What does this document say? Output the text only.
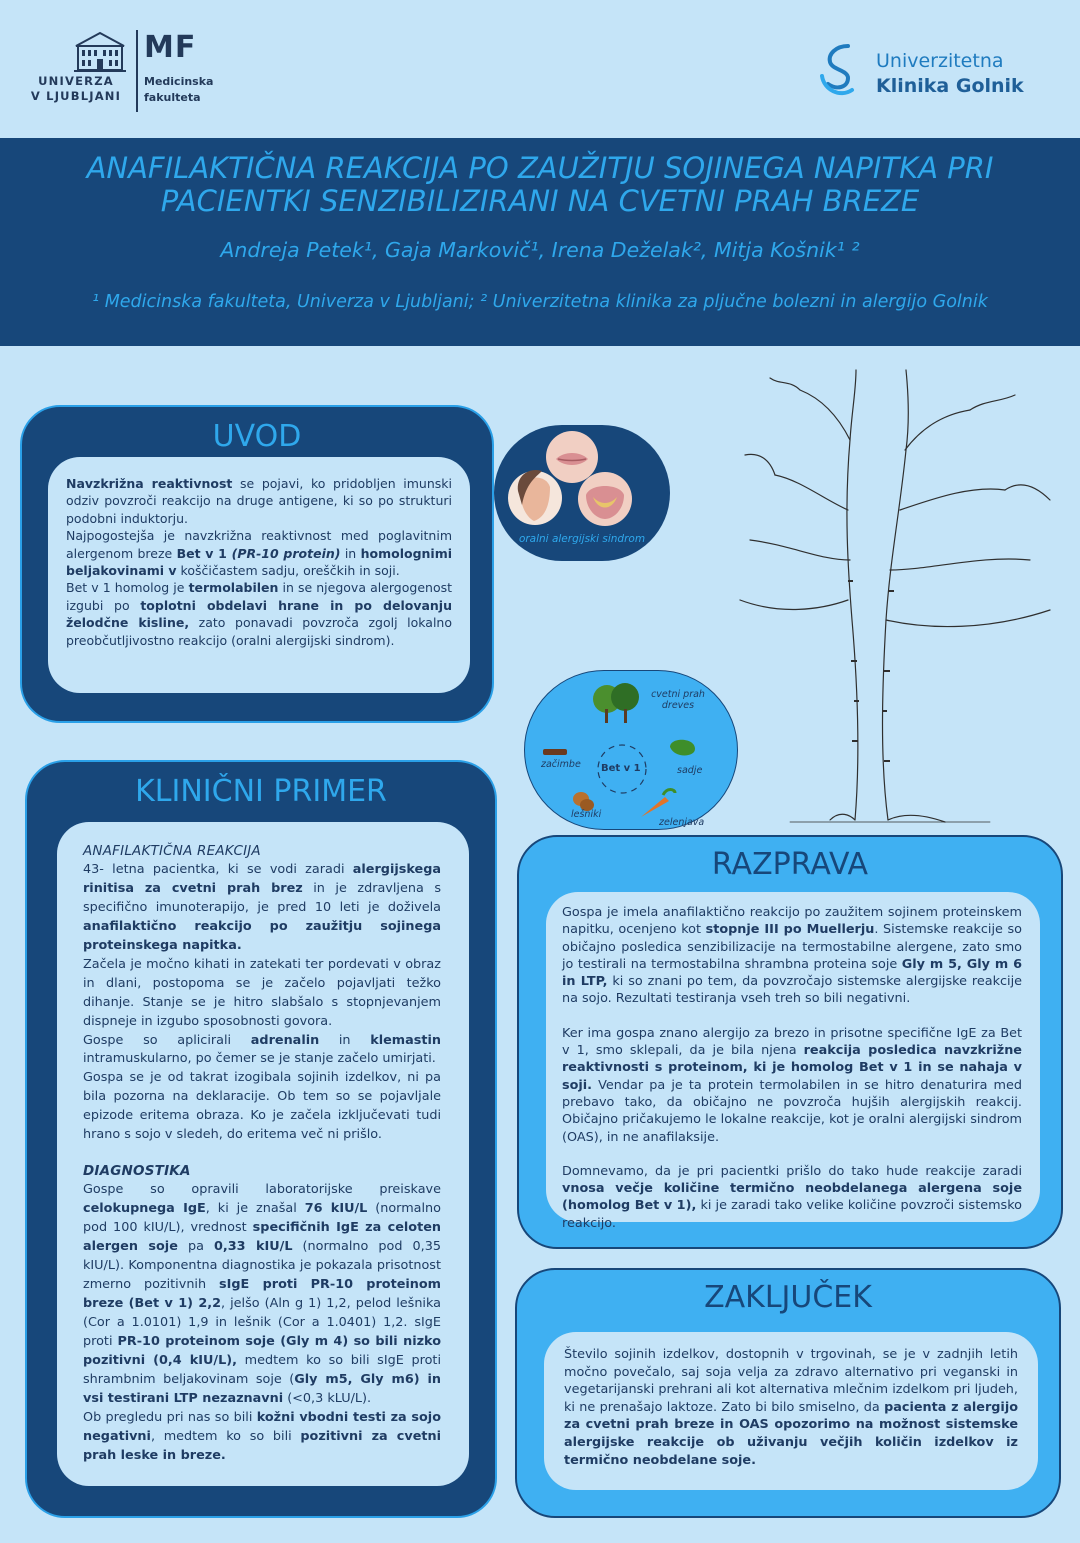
UNIVERZA
V LJUBLJANI
MF
Medicinska
fakulteta
Univerzitetna
Klinika Golnik
ANAFILAKTIČNA REAKCIJA PO ZAUŽITJU SOJINEGA NAPITKA PRI
PACIENTKI SENZIBILIZIRANI NA CVETNI PRAH BREZE
Andreja Petek¹, Gaja Markovič¹, Irena Deželak², Mitja Košnik¹ ²
¹ Medicinska fakulteta, Univerza v Ljubljani; ² Univerzitetna klinika za pljučne bolezni in alergijo Golnik
UVOD

Navzkrižna reaktivnost se pojavi, ko pridobljen imunski odziv povzroči reakcijo na druge antigene, ki so po strukturi podobni induktorju.

Najpogostejša je navzkrižna reaktivnost med poglavitnim alergenom breze Bet v 1 (PR-10 protein) in homolognimi beljakovinami v koščičastem sadju, oreščkih in soji.

Bet v 1 homolog je termolabilen in se njegova alergogenost izgubi po toplotni obdelavi hrane in po delovanju želodčne kisline, zato ponavadi povzroča zgolj lokalno preobčutljivostno reakcijo (oralni alergijski sindrom).

oralni alergijski sindrom
KLINIČNI PRIMER

ANAFILAKTIČNA REAKCIJA

43- letna pacientka, ki se vodi zaradi alergijskega rinitisa za cvetni prah brez in je zdravljena s specifično imunoterapijo, je pred 10 leti je doživela anafilaktično reakcijo po zaužitju sojinega proteinskega napitka.

Začela je močno kihati in zatekati ter pordevati v obraz in dlani, postopoma se je začelo pojavljati težko dihanje. Stanje se je hitro slabšalo s stopnjevanjem dispneje in izgubo sposobnosti govora.

Gospe so aplicirali adrenalin in klemastin intramuskularno, po čemer se je stanje začelo umirjati.

Gospa se je od takrat izogibala sojinih izdelkov, ni pa bila pozorna na deklaracije. Ob tem so se pojavljale epizode eritema obraza. Ko je začela izključevati tudi hrano s sojo v sledeh, do eritema več ni prišlo.

DIAGNOSTIKA

Gospe so opravili laboratorijske preiskave celokupnega IgE, ki je znašal 76 kIU/L (normalno pod 100 kIU/L), vrednost specifičnih IgE za celoten alergen soje pa 0,33 kIU/L (normalno pod 0,35 kIU/L). Komponentna diagnostika je pokazala prisotnost zmerno pozitivnih sIgE proti PR-10 proteinom breze (Bet v 1) 2,2, jelšo (Aln g 1) 1,2, pelod lešnika (Cor a 1.0101) 1,9 in lešnik (Cor a 1.0401) 1,2. sIgE proti PR-10 proteinom soje (Gly m 4) so bili nizko pozitivni (0,4 kIU/L), medtem ko so bili sIgE proti shrambnim beljakovinam soje (Gly m5, Gly m6) in vsi testirani LTP nezaznavni (<0,3 kLU/L).

Ob pregledu pri nas so bili kožni vbodni testi za sojo negativni, medtem ko so bili pozitivni za cvetni prah leske in breze.

Bet v 1
cvetni prah dreves
sadje
zelenjava
lešniki
začimbe
RAZPRAVA

Gospa je imela anafilaktično reakcijo po zaužitem sojinem proteinskem napitku, ocenjeno kot stopnje III po Muellerju. Sistemske reakcije so običajno posledica senzibilizacije na termostabilne alergene, zato smo jo testirali na termostabilna shrambna proteina soje Gly m 5, Gly m 6 in LTP, ki so znani po tem, da povzročajo sistemske alergijske reakcije na sojo. Rezultati testiranja vseh treh so bili negativni.

Ker ima gospa znano alergijo za brezo in prisotne specifične IgE za Bet v 1, smo sklepali, da je bila njena reakcija posledica navzkrižne reaktivnosti s proteinom, ki je homolog Bet v 1 in se nahaja v soji. Vendar pa je ta protein termolabilen in se hitro denaturira med prebavo tako, da običajno ne povzroča hujših alergijskih reakcij. Običajno pričakujemo le lokalne reakcije, kot je oralni alergijski sindrom (OAS), in ne anafilaksije.

Domnevamo, da je pri pacientki prišlo do tako hude reakcije zaradi vnosa večje količine termično neobdelanega alergena soje (homolog Bet v 1), ki je zaradi tako velike količine povzroči sistemsko reakcijo.

ZAKLJUČEK

Število sojinih izdelkov, dostopnih v trgovinah, se je v zadnjih letih močno povečalo, saj soja velja za zdravo alternativo pri veganski in vegetarijanski prehrani ali kot alternativa mlečnim izdelkom pri ljudeh, ki ne prenašajo laktoze. Zato bi bilo smiselno, da pacienta z alergijo za cvetni prah breze in OAS opozorimo na možnost sistemske alergijske reakcije ob uživanju večjih količin izdelkov iz termično neobdelane soje.
